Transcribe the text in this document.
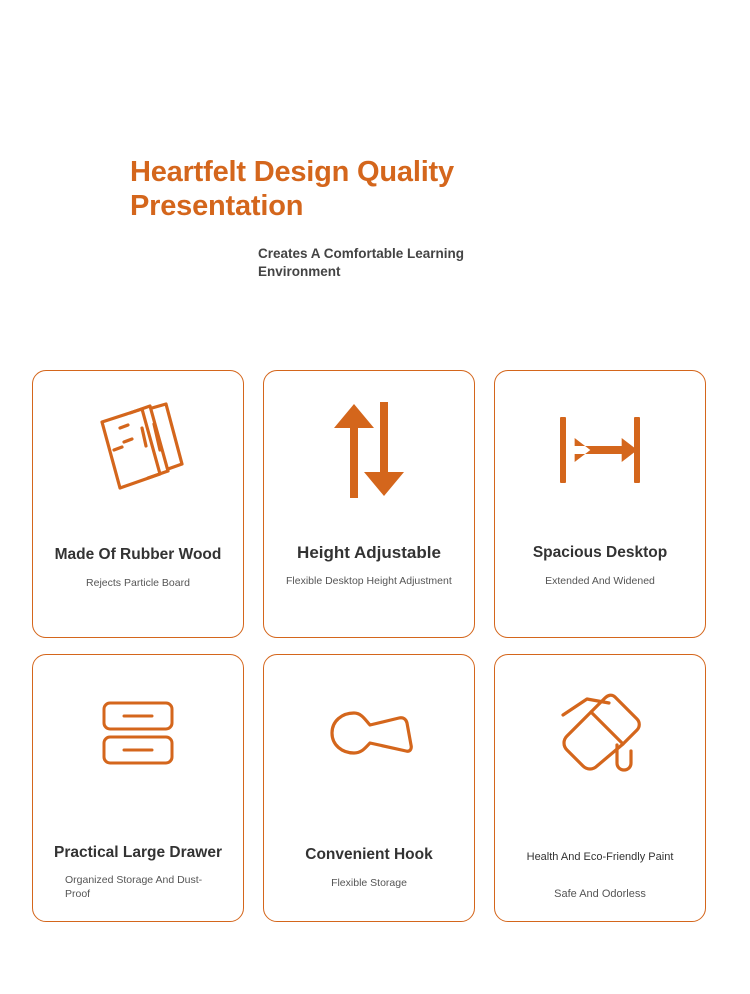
Heartfelt Design Quality Presentation
Creates A Comfortable Learning Environment
Made Of Rubber Wood
Rejects Particle Board
Height Adjustable
Flexible Desktop Height Adjustment
Spacious Desktop
Extended And Widened
Practical Large Drawer
Organized Storage And Dust-Proof
Convenient Hook
Flexible Storage
Health And Eco-Friendly Paint
Safe And Odorless
